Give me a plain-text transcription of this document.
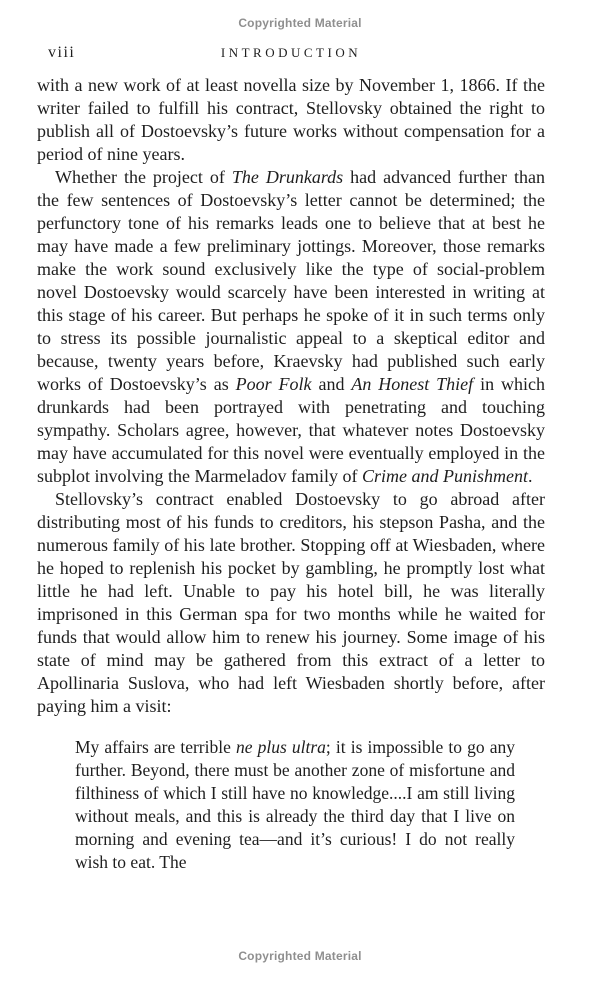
Copyrighted Material
viii	INTRODUCTION

with a new work of at least novella size by November 1, 1866. If the writer failed to fulfill his contract, Stellovsky obtained the right to publish all of Dostoevsky’s future works without compensation for a period of nine years.

Whether the project of The Drunkards had advanced further than the few sentences of Dostoevsky’s letter cannot be determined; the perfunctory tone of his remarks leads one to believe that at best he may have made a few preliminary jottings. Moreover, those remarks make the work sound exclusively like the type of social-problem novel Dostoevsky would scarcely have been interested in writing at this stage of his career. But perhaps he spoke of it in such terms only to stress its possible journalistic appeal to a skeptical editor and because, twenty years before, Kraevsky had published such early works of Dostoevsky’s as Poor Folk and An Honest Thief in which drunkards had been portrayed with penetrating and touching sympathy. Scholars agree, however, that whatever notes Dostoevsky may have accumulated for this novel were eventually employed in the subplot involving the Marmeladov family of Crime and Punishment.

Stellovsky’s contract enabled Dostoevsky to go abroad after distributing most of his funds to creditors, his stepson Pasha, and the numerous family of his late brother. Stopping off at Wiesbaden, where he hoped to replenish his pocket by gambling, he promptly lost what little he had left. Unable to pay his hotel bill, he was literally imprisoned in this German spa for two months while he waited for funds that would allow him to renew his journey. Some image of his state of mind may be gathered from this extract of a letter to Apollinaria Suslova, who had left Wiesbaden shortly before, after paying him a visit:

My affairs are terrible ne plus ultra; it is impossible to go any further. Beyond, there must be another zone of misfortune and filthiness of which I still have no knowledge....I am still living without meals, and this is already the third day that I live on morning and evening tea—and it’s curious! I do not really wish to eat. The

Copyrighted Material
